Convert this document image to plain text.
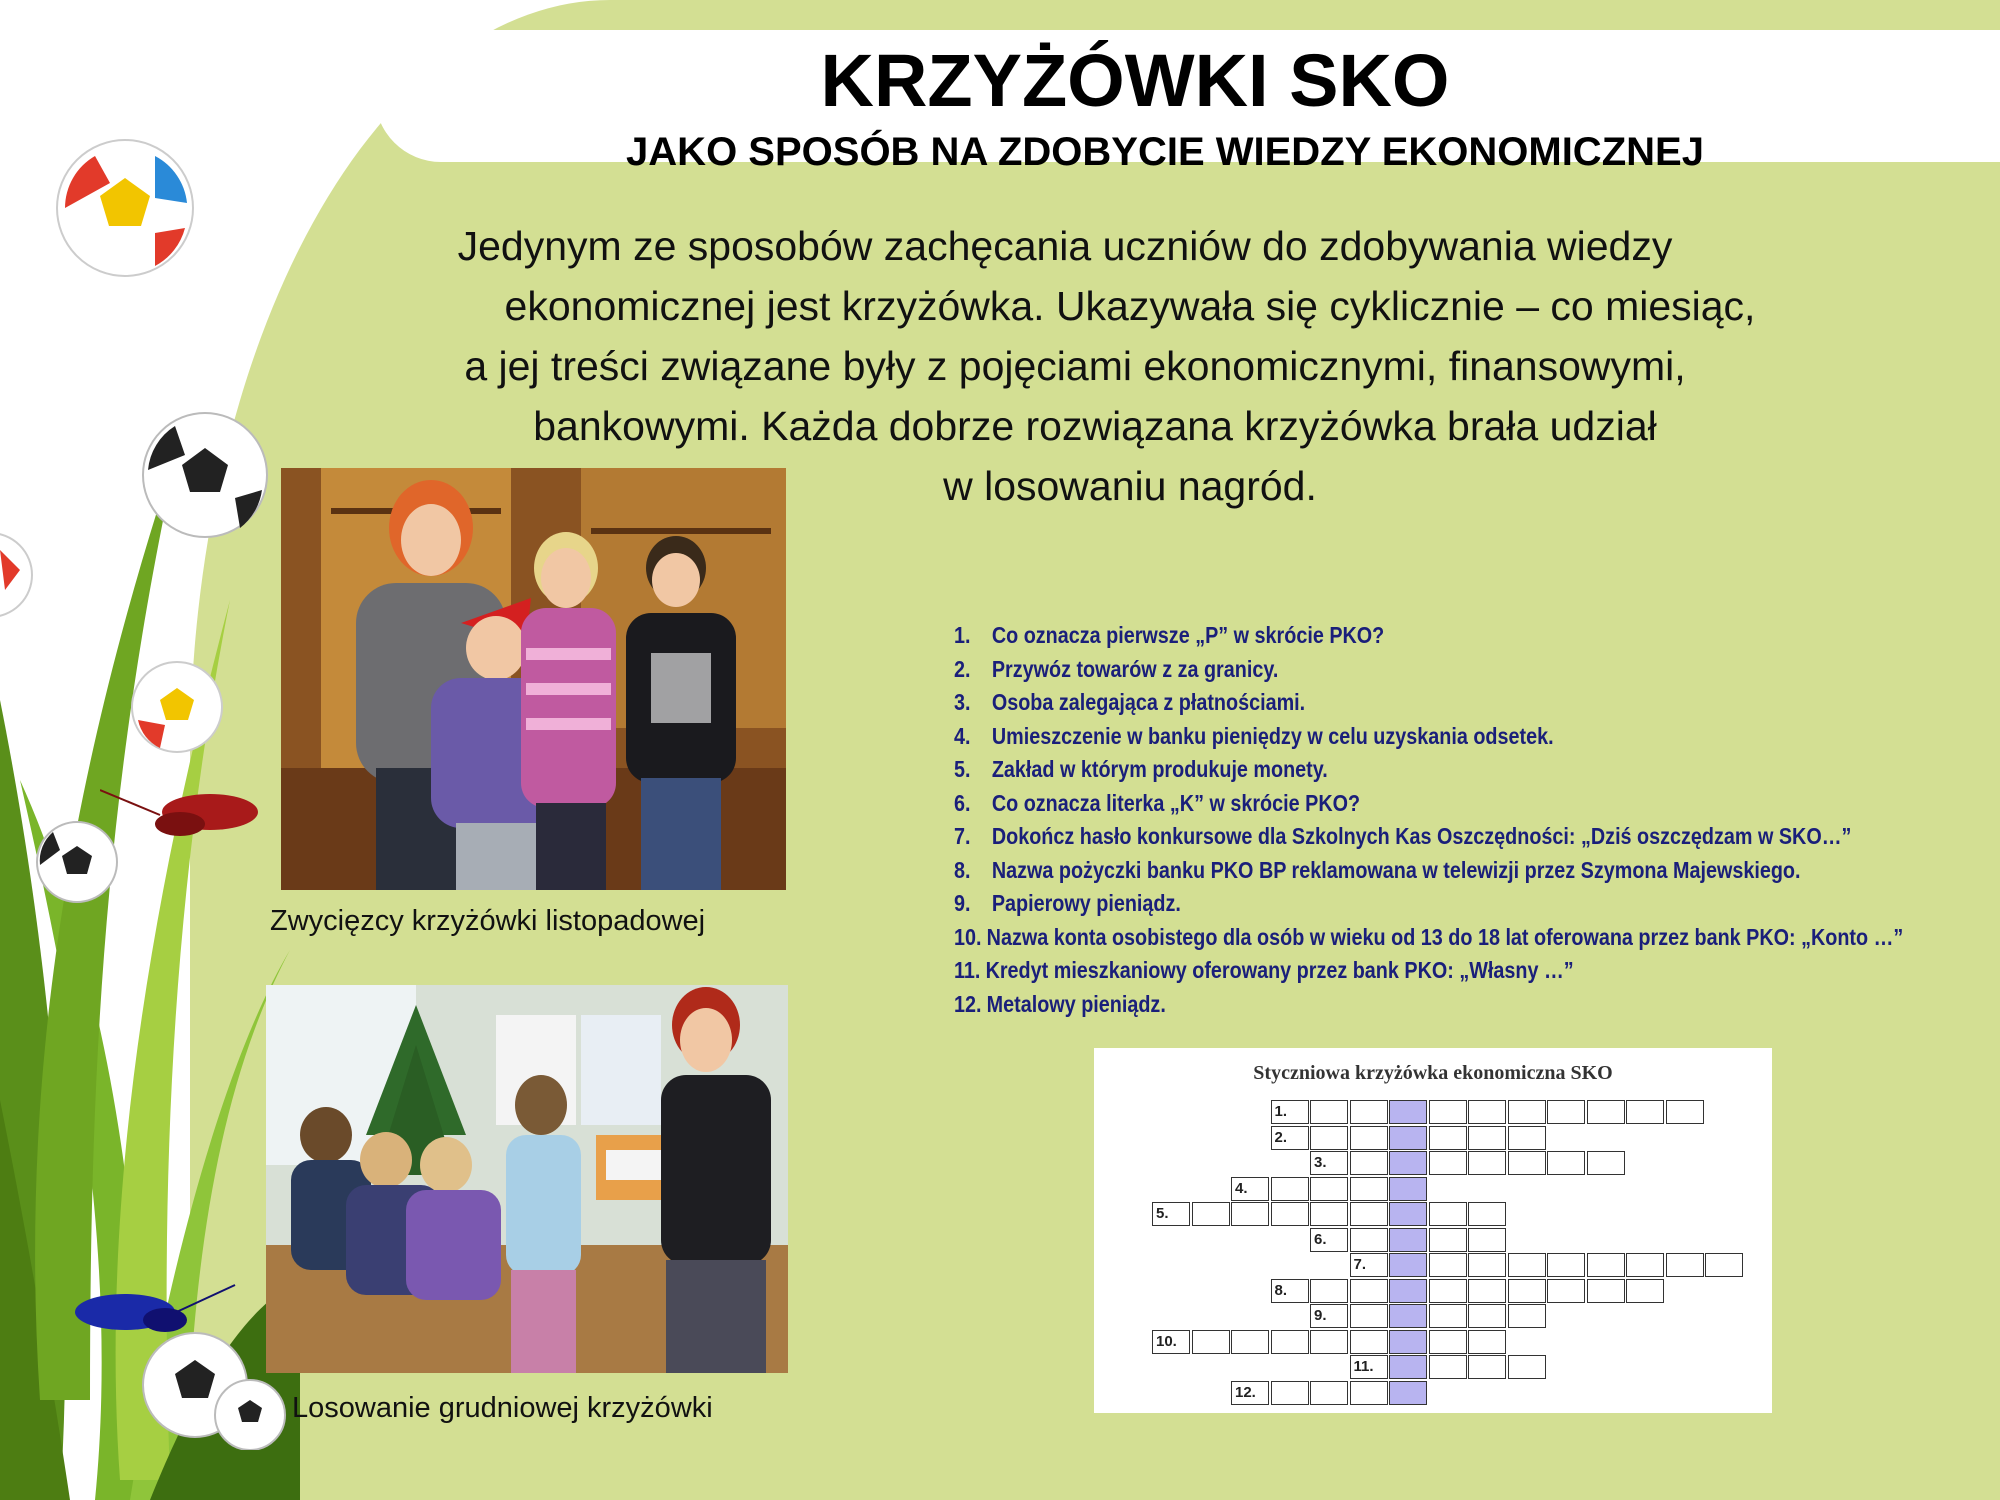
KRZYŻÓWKI SKO
JAKO SPOSÓB NA ZDOBYCIE WIEDZY EKONOMICZNEJ
Jedynym ze sposobów zachęcania uczniów do zdobywania wiedzy
ekonomicznej jest krzyżówka. Ukazywała się cyklicznie – co miesiąc,
a jej treści związane były z pojęciami ekonomicznymi, finansowymi,
bankowymi. Każda dobrze rozwiązana krzyżówka brała udział
w losowaniu nagród.
Zwycięzcy krzyżówki listopadowej
Losowanie grudniowej krzyżówki
1. Co oznacza pierwsze „P” w skrócie PKO?
2. Przywóz towarów z za granicy.
3. Osoba zalegająca z płatnościami.
4. Umieszczenie w banku pieniędzy w celu uzyskania odsetek.
5. Zakład w którym produkuje monety.
6. Co oznacza literka „K” w skrócie PKO?
7. Dokończ hasło konkursowe dla Szkolnych Kas Oszczędności: „Dziś oszczędzam w SKO…”
8. Nazwa pożyczki banku PKO BP reklamowana w telewizji przez Szymona Majewskiego.
9. Papierowy pieniądz.
10. Nazwa konta osobistego dla osób w wieku od 13 do 18 lat oferowana przez bank PKO: „Konto …”
11. Kredyt mieszkaniowy oferowany przez bank PKO: „Własny …”
12. Metalowy pieniądz.
Styczniowa krzyżówka ekonomiczna SKO
1.
2.
3.
4.
5.
6.
7.
8.
9.
10.
11.
12.
